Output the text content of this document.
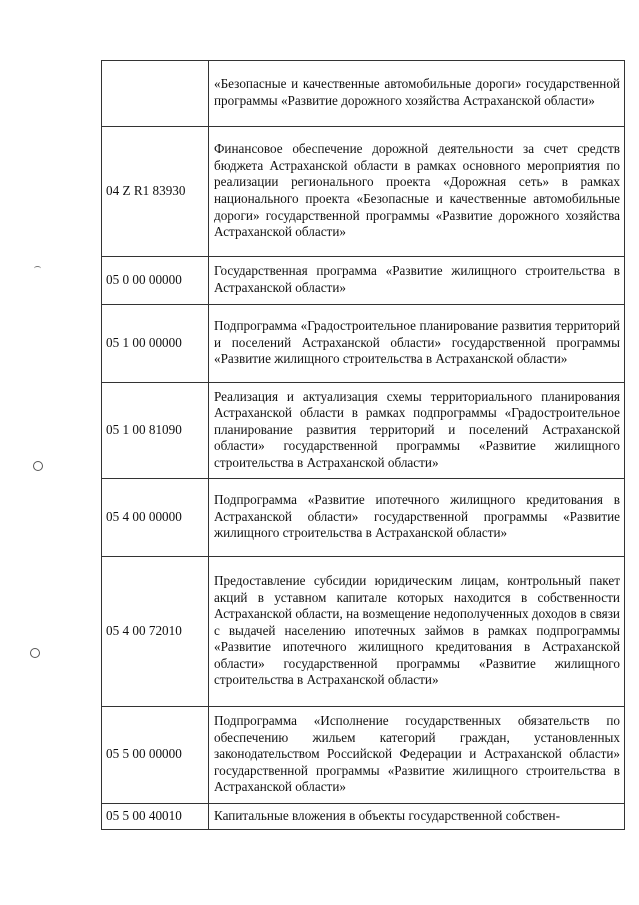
	«Безопасные и качественные автомобильные дороги» государственной программы «Развитие дорожного хозяйства Астраханской области»
04 Z R1 83930	Финансовое обеспечение дорожной деятельности за счет средств бюджета Астраханской области в рамках основного мероприятия по реализации регионального проекта «Дорожная сеть» в рамках национального проекта «Безопасные и качественные автомобильные дороги» государственной программы «Развитие дорожного хозяйства Астраханской области»
05 0 00 00000	Государственная программа «Развитие жилищного строительства в Астраханской области»
05 1 00 00000	Подпрограмма «Градостроительное планирование развития территорий и поселений Астраханской области» государственной программы «Развитие жилищного строительства в Астраханской области»
05 1 00 81090	Реализация и актуализация схемы территориального планирования Астраханской области в рамках подпрограммы «Градостроительное планирование развития территорий и поселений Астраханской области» государственной программы «Развитие жилищного строительства в Астраханской области»
05 4 00 00000	Подпрограмма «Развитие ипотечного жилищного кредитования в Астраханской области» государственной программы «Развитие жилищного строительства в Астраханской области»
05 4 00 72010	Предоставление субсидии юридическим лицам, контрольный пакет акций в уставном капитале которых находится в собственности Астраханской области, на возмещение недополученных доходов в связи с выдачей населению ипотечных займов в рамках подпрограммы «Развитие ипотечного жилищного кредитования в Астраханской области» государственной программы «Развитие жилищного строительства в Астраханской области»
05 5 00 00000	Подпрограмма «Исполнение государственных обязательств по обеспечению жильем категорий граждан, установленных законодательством Российской Федерации и Астраханской области» государственной программы «Развитие жилищного строительства в Астраханской области»
05 5 00 40010	Капитальные вложения в объекты государственной собствен-
